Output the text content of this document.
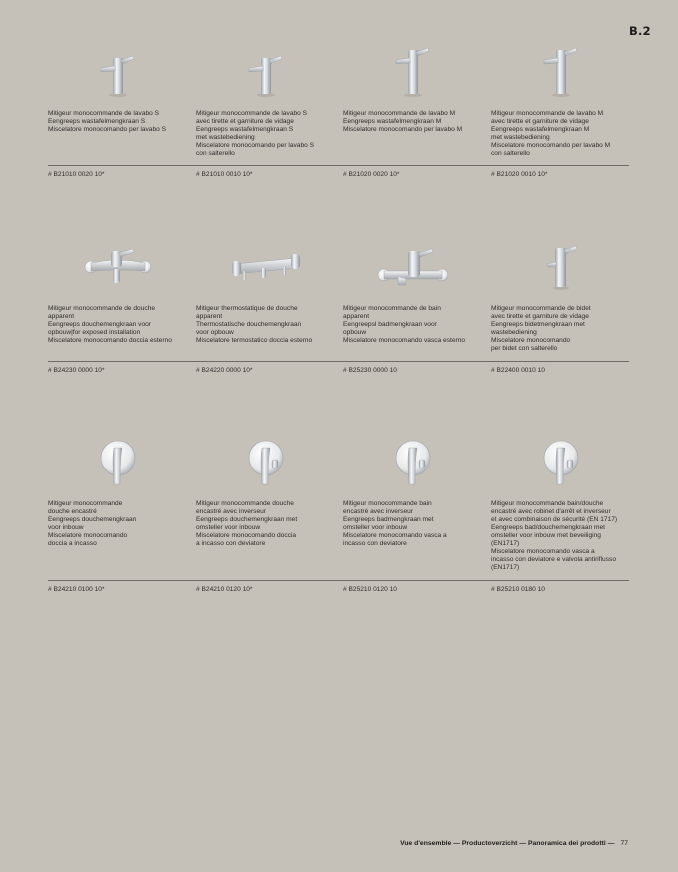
B.2
Mitigeur monocommande de lavabo S
Eengreeps wastafelmengkraan S
Miscelatore monocomando per lavabo S
# B21010 0020 10*
Mitigeur monocommande de lavabo S
avec tirette et garniture de vidage
Eengreeps wastafelmengkraan S
met wastebediening
Miscelatore monocomando per lavabo S
con salterello
# B21010 0010 10*
Mitigeur monocommande de lavabo M
Eengreeps wastafelmengkraan M
Miscelatore monocomando per lavabo M
# B21020 0020 10*
Mitigeur monocommande de lavabo M
avec tirette et garniture de vidage
Eengreeps wastafelmengkraan M
met wastebediening
Miscelatore monocomando per lavabo M
con salterello
# B21020 0010 10*
Mitigeur monocommande de douche
apparent
Eengreeps douchemengkraan voor
opbouw|for exposed installation
Miscelatore monocomando doccia esterno
# B24230 0000 10*
Mitigeur thermostatique de douche
apparent
Thermostatische douchemengkraan
voor opbouw
Miscelatore termostatico doccia esterno
# B24220 0000 10*
Mitigeur monocommande de bain
apparent
Eengreepsl badmengkraan voor
opbouw
Miscelatore monocomando vasca esterno
# B25230 0000 10
Mitigeur monocommande de bidet
avec tirette et garniture de vidage
Eengreeps bidetmengkraan met
wastebediening
Miscelatore monocomando
per bidet con salterello
# B22400 0010 10
Mitigeur monocommande
douche encastré
Eengreeps douchemengkraan
voor inbouw
Miscelatore monocomando
doccia a incasso
# B24210 0100 10*
Mitigeur monocommande douche
encastré avec inverseur
Eengreeps douchemengkraan met
omsteller voor inbouw
Miscelatore monocomando doccia
a incasso con deviatore
# B24210 0120 10*
Mitigeur monocommande bain
encastré avec inverseur
Eengreeps badmengkraan met
omsteller voor inbouw
Miscelatore monocomando vasca a
incasso con deviatore
# B25210 0120 10
Mitigeur monocommande bain/douche
encastré avec robinet d'arrêt et inverseur
et avec combinaison de sécurité (EN 1717)
Eengreeps bad/douchemengkraan met
omsteller voor inbouw met beveiliging
(EN1717)
Miscelatore monocomando vasca a
incasso con deviatore e valvola antiriflusso
(EN1717)
# B25210 0180 10
Vue d'ensemble — Productoverzicht — Panoramica dei prodotti — 77
